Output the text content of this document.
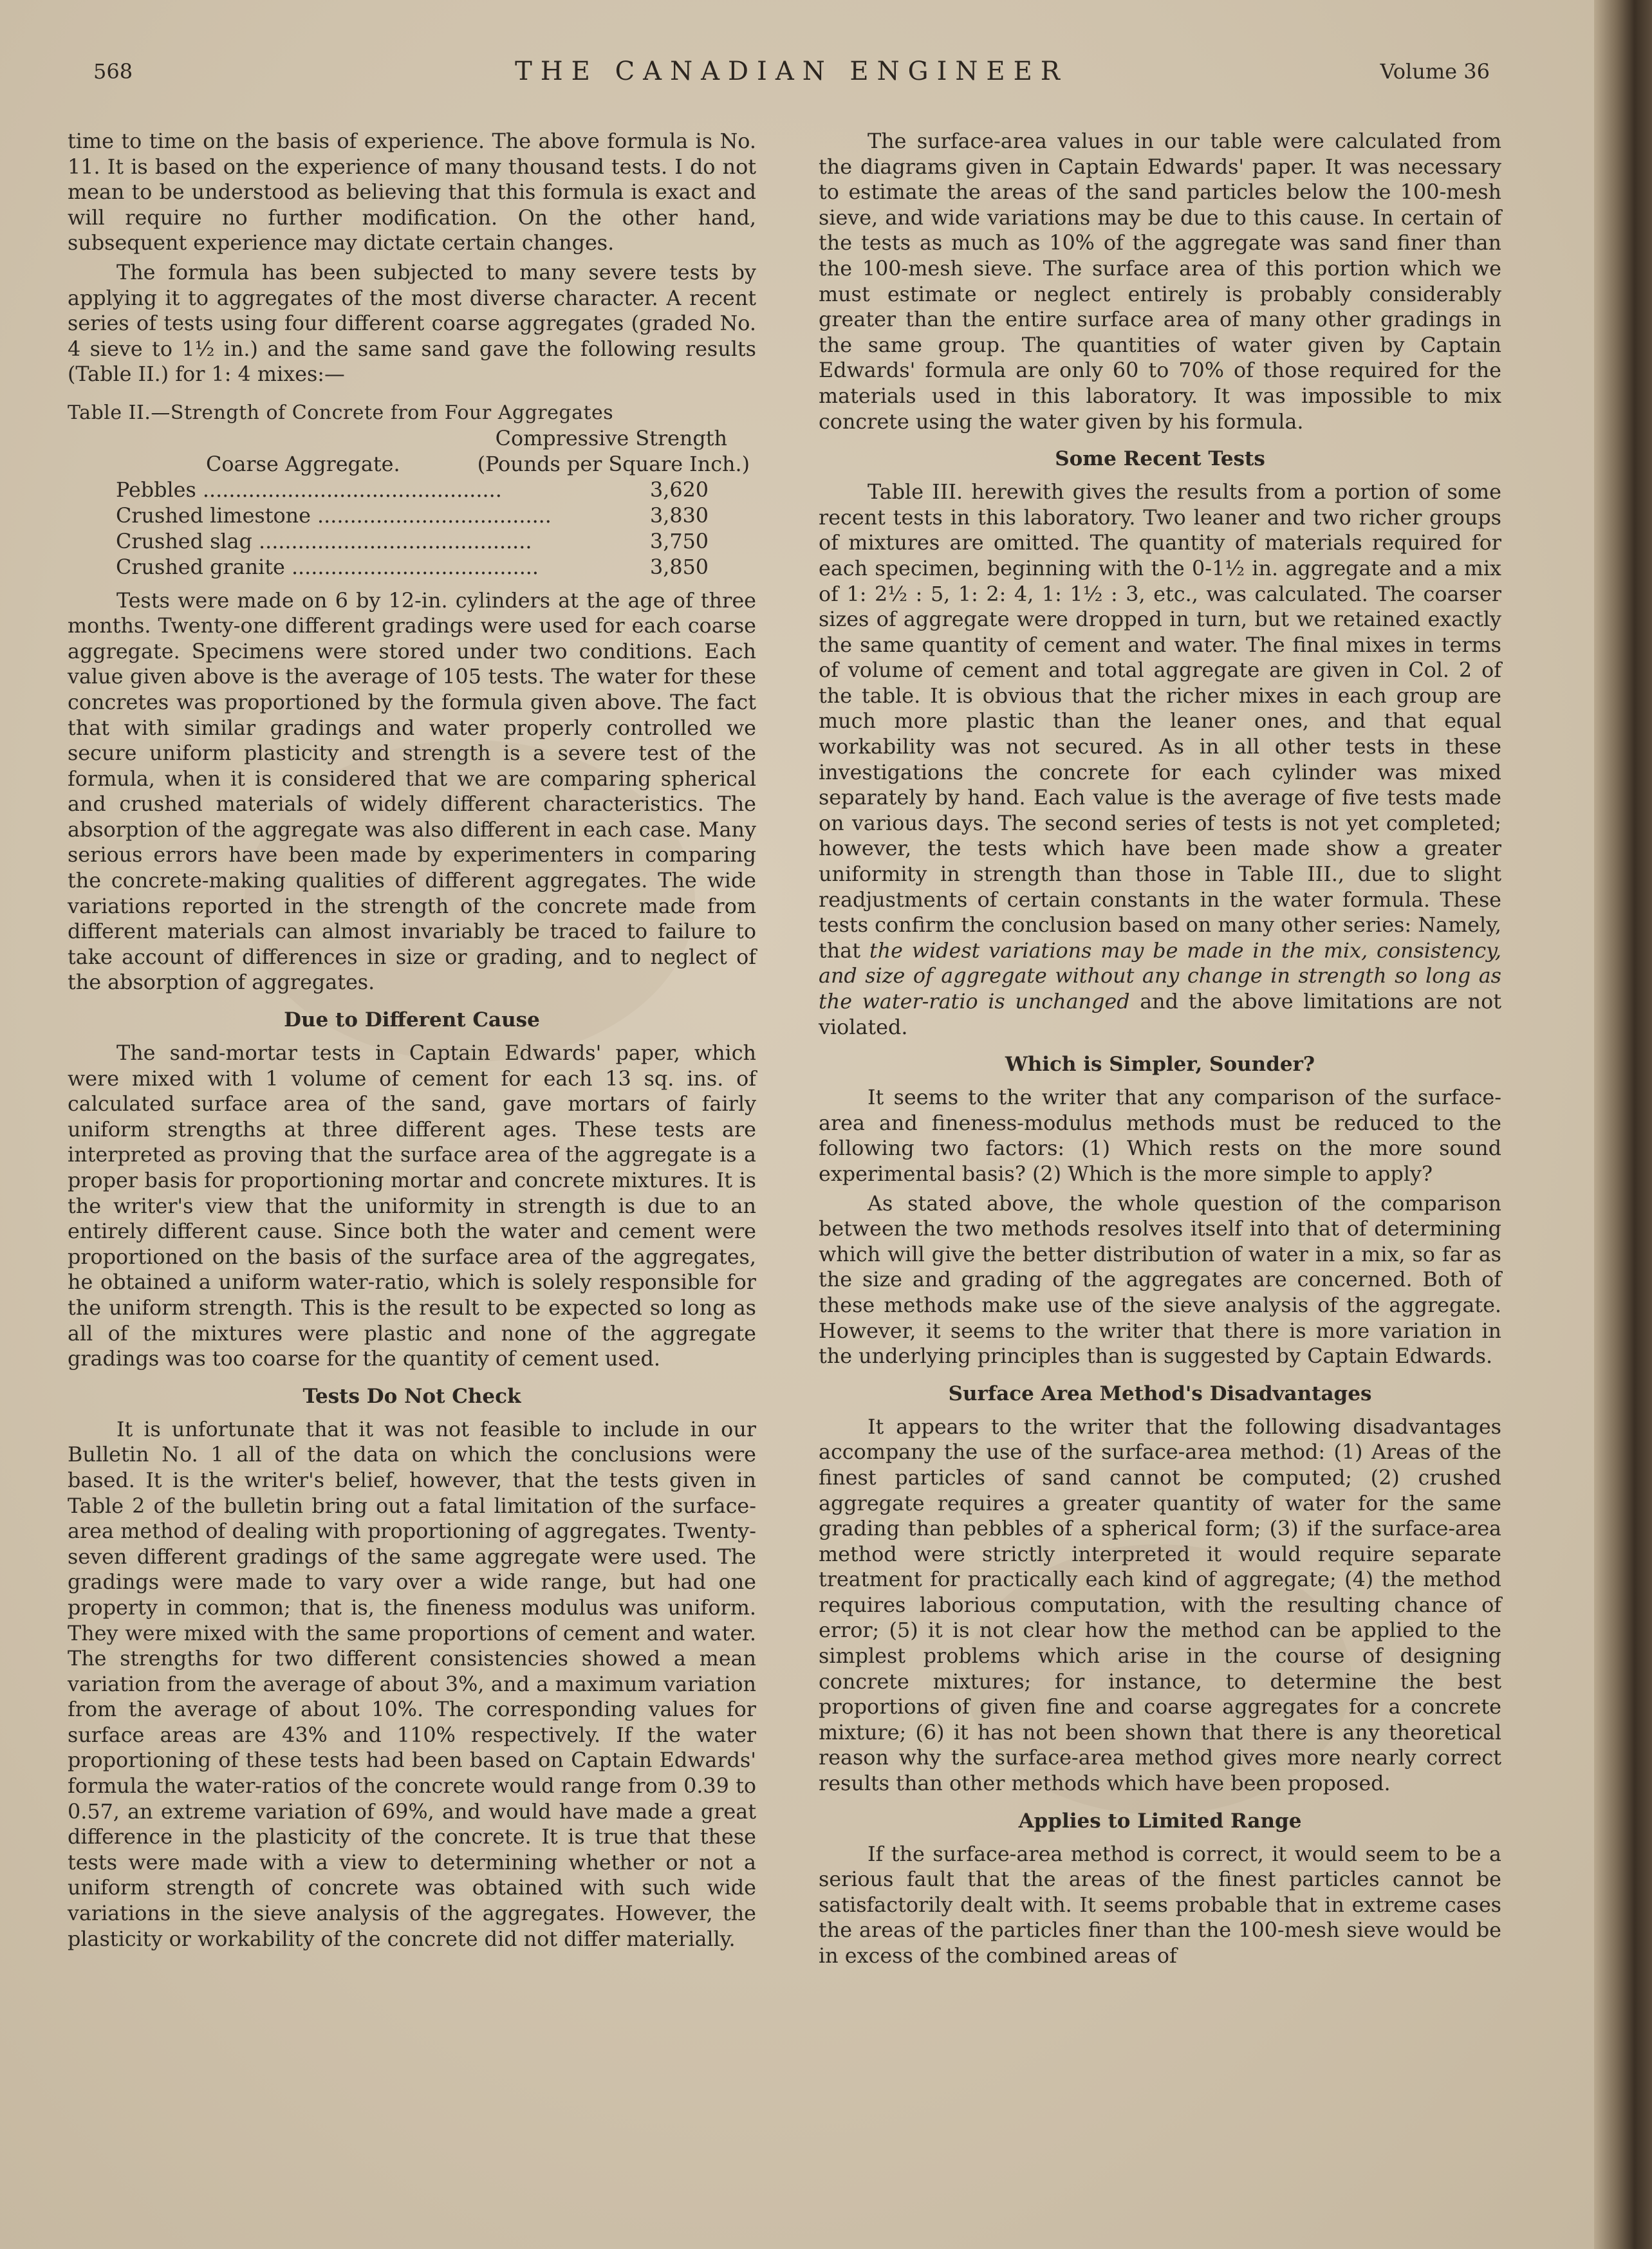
568	THE CANADIAN ENGINEER	Volume 36

time to time on the basis of experience. The above formula is No. 11. It is based on the experience of many thousand tests. I do not mean to be understood as believing that this formula is exact and will require no further modification. On the other hand, subsequent experience may dictate certain changes.

The formula has been subjected to many severe tests by applying it to aggregates of the most diverse character. A recent series of tests using four different coarse aggregates (graded No. 4 sieve to 1½ in.) and the same sand gave the following results (Table II.) for 1: 4 mixes:—

Table II.—Strength of Concrete from Four Aggregates
Compressive Strength
Coarse Aggregate.	(Pounds per Square Inch.)
Pebbles ..............................................	3,620
Crushed limestone ....................................	3,830
Crushed slag ..........................................	3,750
Crushed granite ......................................	3,850

Tests were made on 6 by 12-in. cylinders at the age of three months. Twenty-one different gradings were used for each coarse aggregate. Specimens were stored under two conditions. Each value given above is the average of 105 tests. The water for these concretes was proportioned by the formula given above. The fact that with similar gradings and water properly controlled we secure uniform plasticity and strength is a severe test of the formula, when it is considered that we are comparing spherical and crushed materials of widely different characteristics. The absorption of the aggregate was also different in each case. Many serious errors have been made by experimenters in comparing the concrete-making qualities of different aggregates. The wide variations reported in the strength of the concrete made from different materials can almost invariably be traced to failure to take account of differences in size or grading, and to neglect of the absorption of aggregates.

Due to Different Cause

The sand-mortar tests in Captain Edwards' paper, which were mixed with 1 volume of cement for each 13 sq. ins. of calculated surface area of the sand, gave mortars of fairly uniform strengths at three different ages. These tests are interpreted as proving that the surface area of the aggregate is a proper basis for proportioning mortar and concrete mixtures. It is the writer's view that the uniformity in strength is due to an entirely different cause. Since both the water and cement were proportioned on the basis of the surface area of the aggregates, he obtained a uniform water-ratio, which is solely responsible for the uniform strength. This is the result to be expected so long as all of the mixtures were plastic and none of the aggregate gradings was too coarse for the quantity of cement used.

Tests Do Not Check

It is unfortunate that it was not feasible to include in our Bulletin No. 1 all of the data on which the conclusions were based. It is the writer's belief, however, that the tests given in Table 2 of the bulletin bring out a fatal limitation of the surface-area method of dealing with proportioning of aggregates. Twenty-seven different gradings of the same aggregate were used. The gradings were made to vary over a wide range, but had one property in common; that is, the fineness modulus was uniform. They were mixed with the same proportions of cement and water. The strengths for two different consistencies showed a mean variation from the average of about 3%, and a maximum variation from the average of about 10%. The corresponding values for surface areas are 43% and 110% respectively. If the water proportioning of these tests had been based on Captain Edwards' formula the water-ratios of the concrete would range from 0.39 to 0.57, an extreme variation of 69%, and would have made a great difference in the plasticity of the concrete. It is true that these tests were made with a view to determining whether or not a uniform strength of concrete was obtained with such wide variations in the sieve analysis of the aggregates. However, the plasticity or workability of the concrete did not differ materially.

The surface-area values in our table were calculated from the diagrams given in Captain Edwards' paper. It was necessary to estimate the areas of the sand particles below the 100-mesh sieve, and wide variations may be due to this cause. In certain of the tests as much as 10% of the aggregate was sand finer than the 100-mesh sieve. The surface area of this portion which we must estimate or neglect entirely is probably considerably greater than the entire surface area of many other gradings in the same group. The quantities of water given by Captain Edwards' formula are only 60 to 70% of those required for the materials used in this laboratory. It was impossible to mix concrete using the water given by his formula.

Some Recent Tests

Table III. herewith gives the results from a portion of some recent tests in this laboratory. Two leaner and two richer groups of mixtures are omitted. The quantity of materials required for each specimen, beginning with the 0-1½ in. aggregate and a mix of 1: 2½ : 5, 1: 2: 4, 1: 1½ : 3, etc., was calculated. The coarser sizes of aggregate were dropped in turn, but we retained exactly the same quantity of cement and water. The final mixes in terms of volume of cement and total aggregate are given in Col. 2 of the table. It is obvious that the richer mixes in each group are much more plastic than the leaner ones, and that equal workability was not secured. As in all other tests in these investigations the concrete for each cylinder was mixed separately by hand. Each value is the average of five tests made on various days. The second series of tests is not yet completed; however, the tests which have been made show a greater uniformity in strength than those in Table III., due to slight readjustments of certain constants in the water formula. These tests confirm the conclusion based on many other series: Namely, that the widest variations may be made in the mix, consistency, and size of aggregate without any change in strength so long as the water-ratio is unchanged and the above limitations are not violated.

Which is Simpler, Sounder?

It seems to the writer that any comparison of the surface-area and fineness-modulus methods must be reduced to the following two factors: (1) Which rests on the more sound experimental basis? (2) Which is the more simple to apply?

As stated above, the whole question of the comparison between the two methods resolves itself into that of determining which will give the better distribution of water in a mix, so far as the size and grading of the aggregates are concerned. Both of these methods make use of the sieve analysis of the aggregate. However, it seems to the writer that there is more variation in the underlying principles than is suggested by Captain Edwards.

Surface Area Method's Disadvantages

It appears to the writer that the following disadvantages accompany the use of the surface-area method: (1) Areas of the finest particles of sand cannot be computed; (2) crushed aggregate requires a greater quantity of water for the same grading than pebbles of a spherical form; (3) if the surface-area method were strictly interpreted it would require separate treatment for practically each kind of aggregate; (4) the method requires laborious computation, with the resulting chance of error; (5) it is not clear how the method can be applied to the simplest problems which arise in the course of designing concrete mixtures; for instance, to determine the best proportions of given fine and coarse aggregates for a concrete mixture; (6) it has not been shown that there is any theoretical reason why the surface-area method gives more nearly correct results than other methods which have been proposed.

Applies to Limited Range

If the surface-area method is correct, it would seem to be a serious fault that the areas of the finest particles cannot be satisfactorily dealt with. It seems probable that in extreme cases the areas of the particles finer than the 100-mesh sieve would be in excess of the combined areas of
